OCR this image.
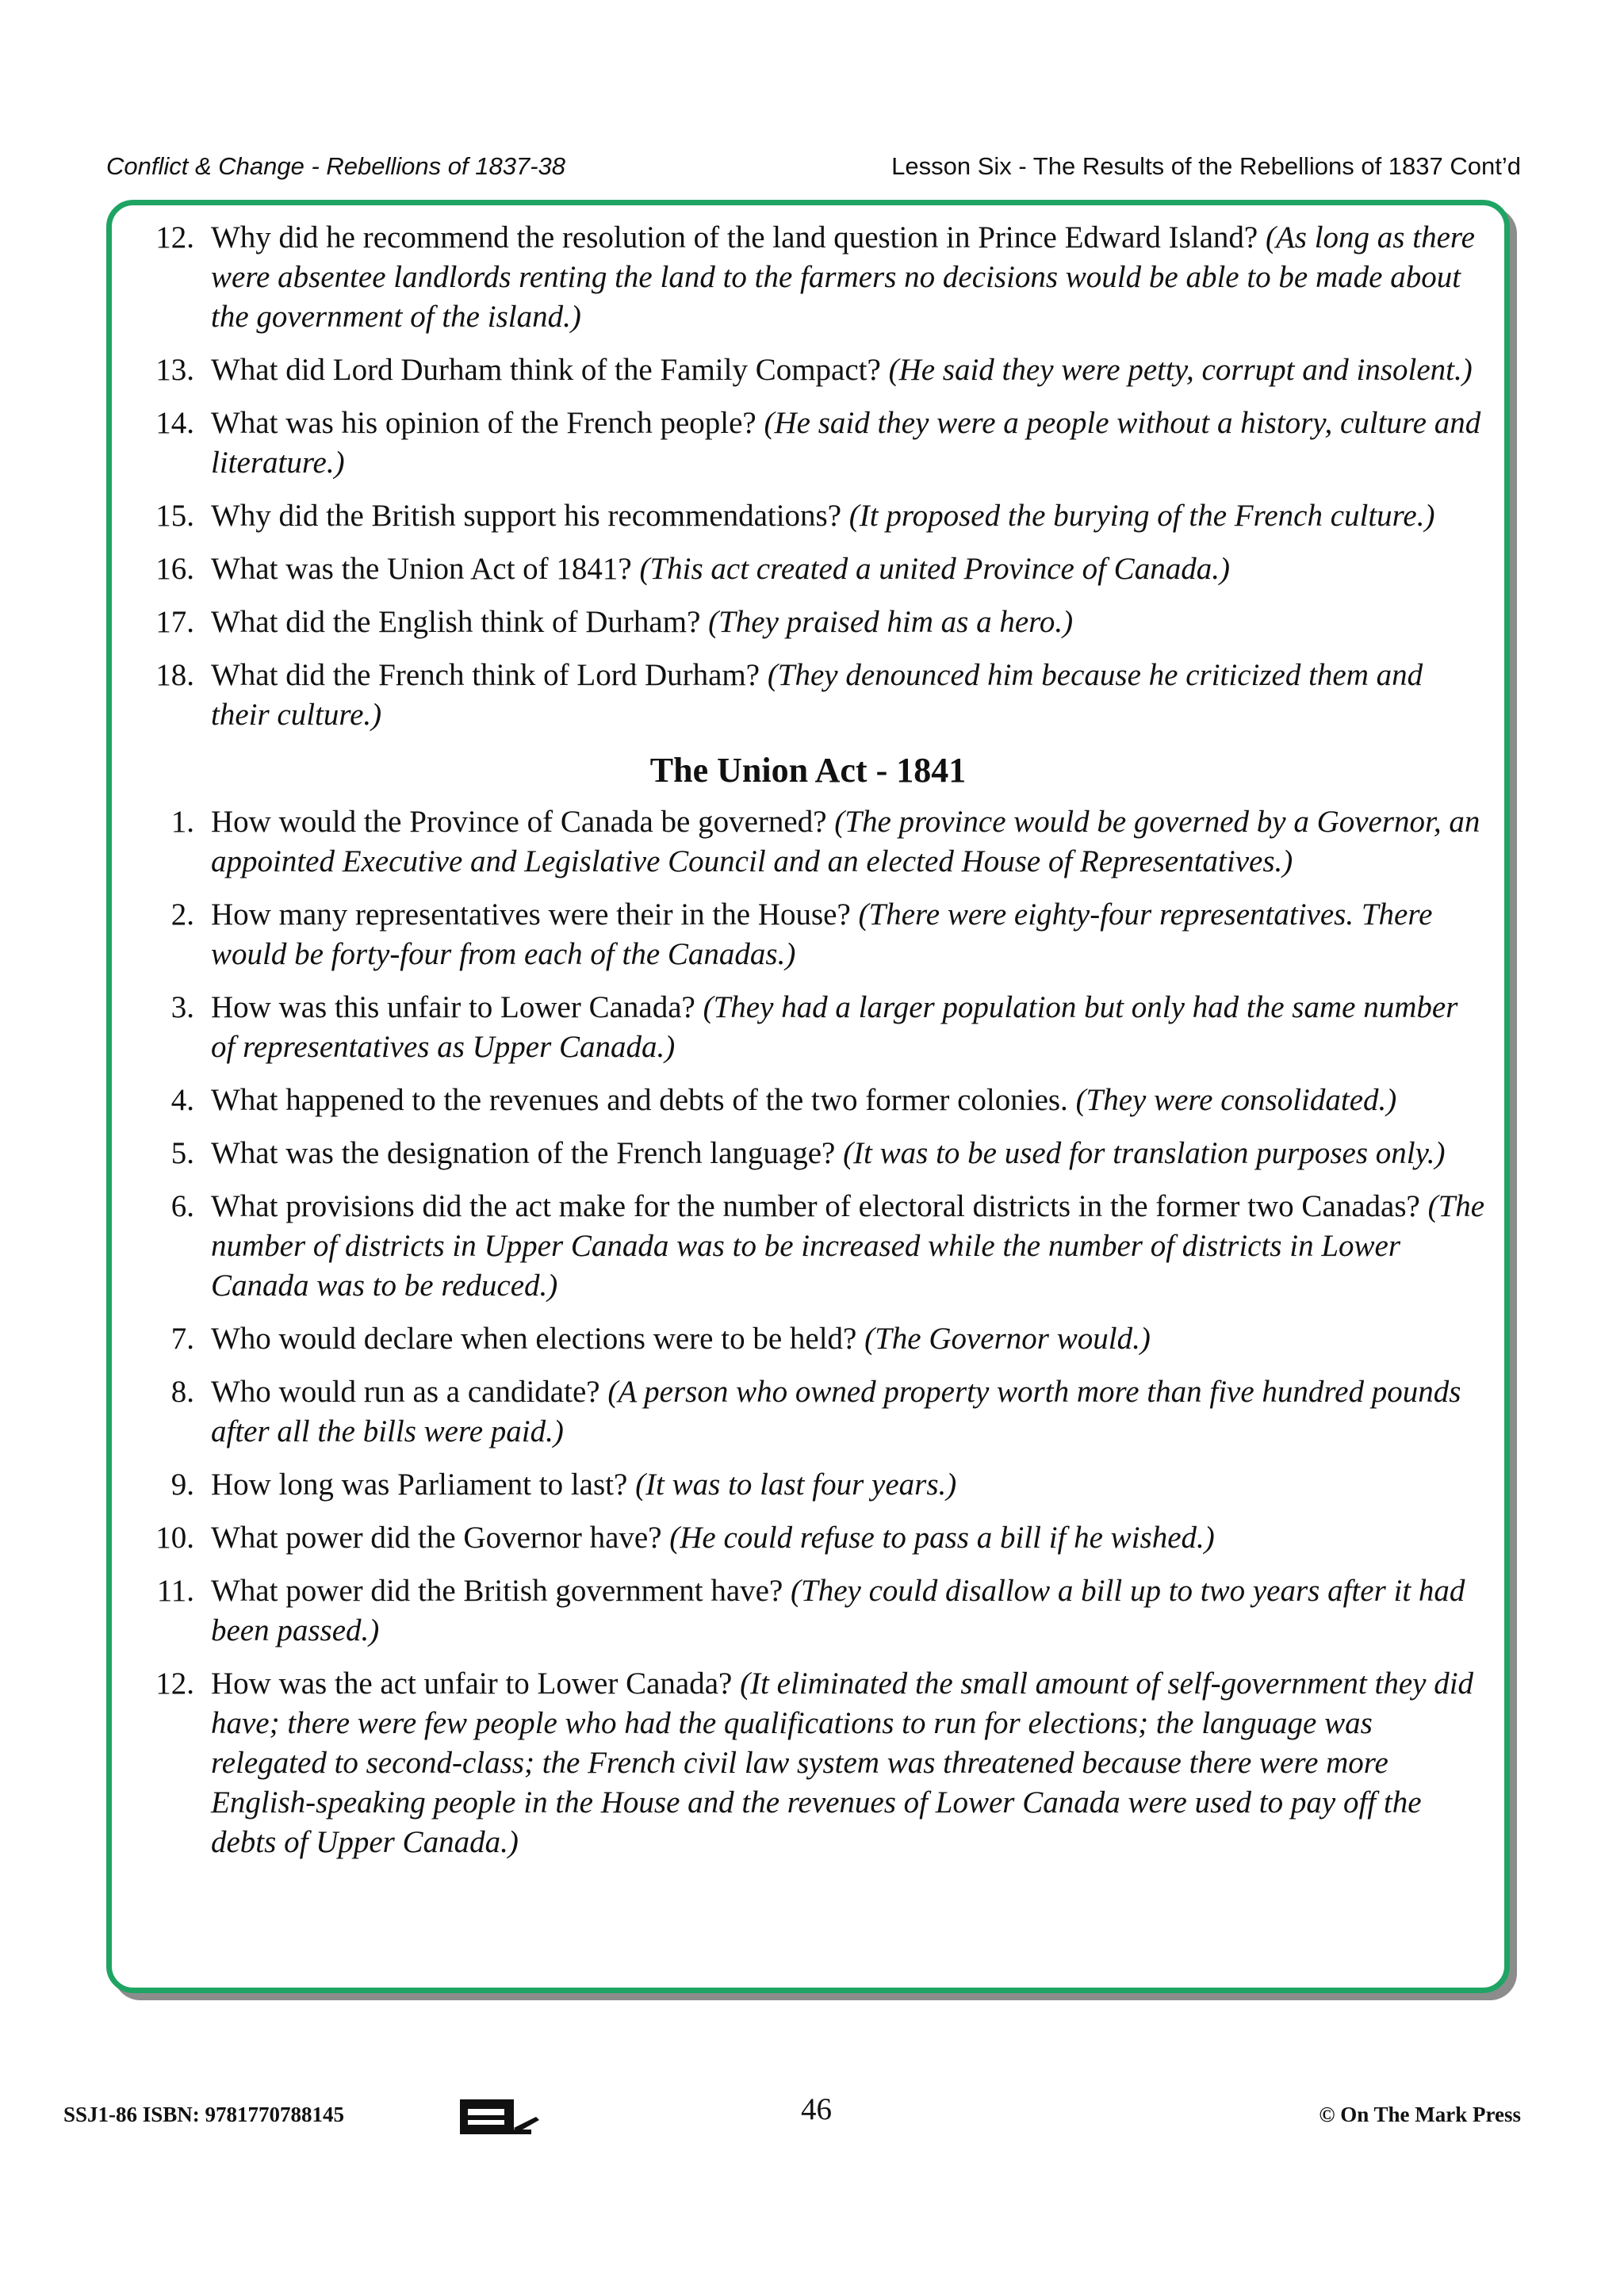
Conflict & Change - Rebellions of 1837-38	Lesson Six - The Results of the Rebellions of 1837 Cont’d
12. Why did he recommend the resolution of the land question in Prince Edward Island? (As long as there were absentee landlords renting the land to the farmers no decisions would be able to be made about the government of the island.)
13. What did Lord Durham think of the Family Compact? (He said they were petty, corrupt and insolent.)
14. What was his opinion of the French people? (He said they were a people without a history, culture and literature.)
15. Why did the British support his recommendations? (It proposed the burying of the French culture.)
16. What was the Union Act of 1841? (This act created a united Province of Canada.)
17. What did the English think of Durham? (They praised him as a hero.)
18. What did the French think of Lord Durham? (They denounced him because he criticized them and their culture.)
The Union Act - 1841
1. How would the Province of Canada be governed? (The province would be governed by a Governor, an appointed Executive and Legislative Council and an elected House of Representatives.)
2. How many representatives were their in the House? (There were eighty-four representatives. There would be forty-four from each of the Canadas.)
3. How was this unfair to Lower Canada? (They had a larger population but only had the same number of representatives as Upper Canada.)
4. What happened to the revenues and debts of the two former colonies. (They were consolidated.)
5. What was the designation of the French language? (It was to be used for translation purposes only.)
6. What provisions did the act make for the number of electoral districts in the former two Canadas? (The number of districts in Upper Canada was to be increased while the number of districts in Lower Canada was to be reduced.)
7. Who would declare when elections were to be held? (The Governor would.)
8. Who would run as a candidate? (A person who owned property worth more than five hundred pounds after all the bills were paid.)
9. How long was Parliament to last? (It was to last four years.)
10. What power did the Governor have? (He could refuse to pass a bill if he wished.)
11. What power did the British government have? (They could disallow a bill up to two years after it had been passed.)
12. How was the act unfair to Lower Canada? (It eliminated the small amount of self-government they did have; there were few people who had the qualifications to run for elections; the language was relegated to second-class; the French civil law system was threatened because there were more English-speaking people in the House and the revenues of Lower Canada were used to pay off the debts of Upper Canada.)
SSJ1-86 ISBN: 9781770788145	46	© On The Mark Press
